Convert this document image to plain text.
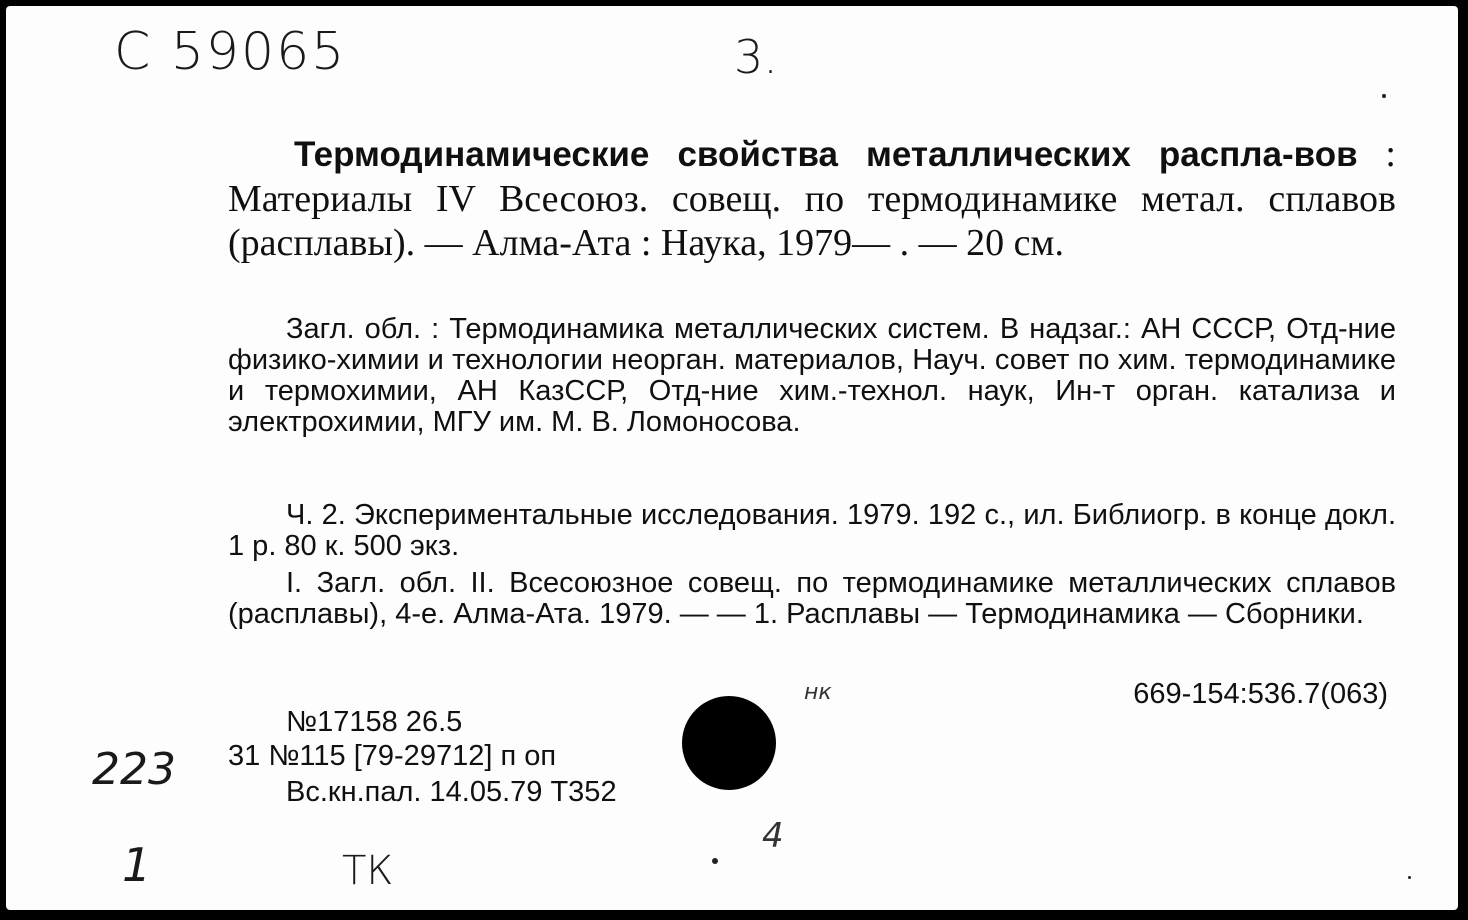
C 59065	3.

Термодинамические свойства металлических распла-вов : Материалы IV Всесоюз. совещ. по термодинамике метал. сплавов (расплавы). — Алма-Ата : Наука, 1979— . — 20 см.

Загл. обл. : Термодинамика металлических систем. В надзаг.: АН СССР, Отд-ние физико-химии и технологии неорган. материалов, Науч. совет по хим. термодинамике и термохимии, АН КазССР, Отд-ние хим.-технол. наук, Ин-т орган. катализа и электрохимии, МГУ им. М. В. Ломоносова.

Ч. 2. Экспериментальные исследования. 1979. 192 с., ил. Библиогр. в конце докл. 1 р. 80 к. 500 экз.

I. Загл. обл. II. Всесоюзное совещ. по термодинамике металлических сплавов (расплавы), 4-е. Алма-Ата. 1979. — — 1. Расплавы — Термодинамика — Сборники.

669-154:536.7(063)
№17158 26.5
31 №115 [79-29712] п оп
Вс.кн.пал. 14.05.79 Т352
223
1	ТК
нк
4
